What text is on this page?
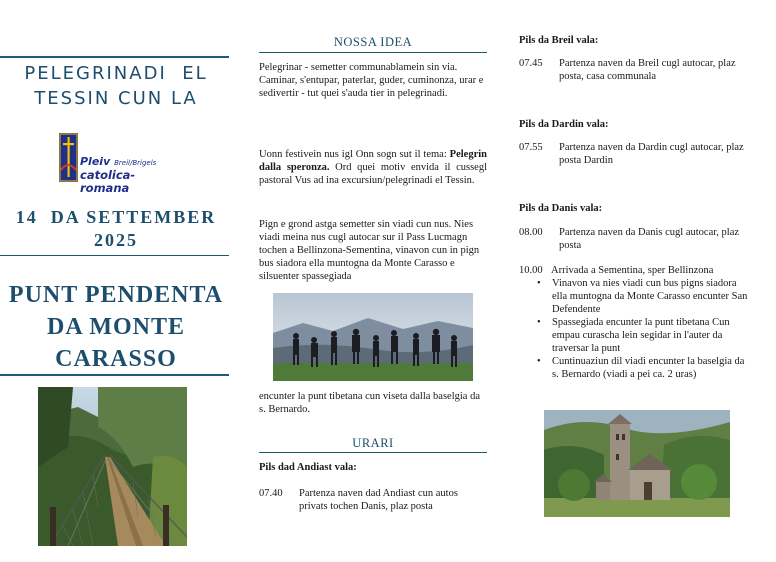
PELEGRINADI  EL
TESSIN CUN LA
Pleiv Breil/Brigels
catolica-romana
14  DA SETTEMBER
2025
PUNT PENDENTA
DA MONTE
CARASSO
NOSSA IDEA
Pelegrinar - semetter communablamein sin via.
Caminar, s'entupar, paterlar, guder, cuminonza, urar e sedivertir - tut quei s'auda tier in pelegrinadi.
Uonn festivein nus igl Onn sogn sut il tema: Pelegrin dalla speronza. Ord quei motiv envida il cussegl pastoral Vus ad ina excursiun/pelegrinadi el Tessin.
Pign e grond astga semetter sin viadi cun nus. Nies viadi meina nus cugl autocar sur il Pass Lucmagn tochen a Bellinzona-Sementina, vinavon cun in pign bus siadora ella muntogna da Monte Carasso e silsuenter spassegiada
encunter la punt tibetana cun viseta dalla baselgia da s. Bernardo.
URARI
Pils dad Andiast vala:
07.40 Partenza naven dad Andiast cun autos privats tochen Danis, plaz posta
Pils da Breil vala:
07.45 Partenza naven da Breil cugl autocar, plaz posta, casa communala
Pils da Dardin vala:
07.55 Partenza naven da Dardin cugl autocar, plaz posta Dardin
Pils da Danis vala:
08.00 Partenza naven da Danis cugl autocar, plaz posta
10.00 Arrivada a Sementina, sper Bellinzona
• Vinavon va nies viadi cun bus pigns siadora ella muntogna da Monte Carasso encunter San Defendente
• Spassegiada encunter la punt tibetana Cun empau curascha lein segidar in l'auter da traversar la punt
• Cuntinuaziun dil viadi encunter la baselgia da s. Bernardo (viadi a pei ca. 2 uras)
